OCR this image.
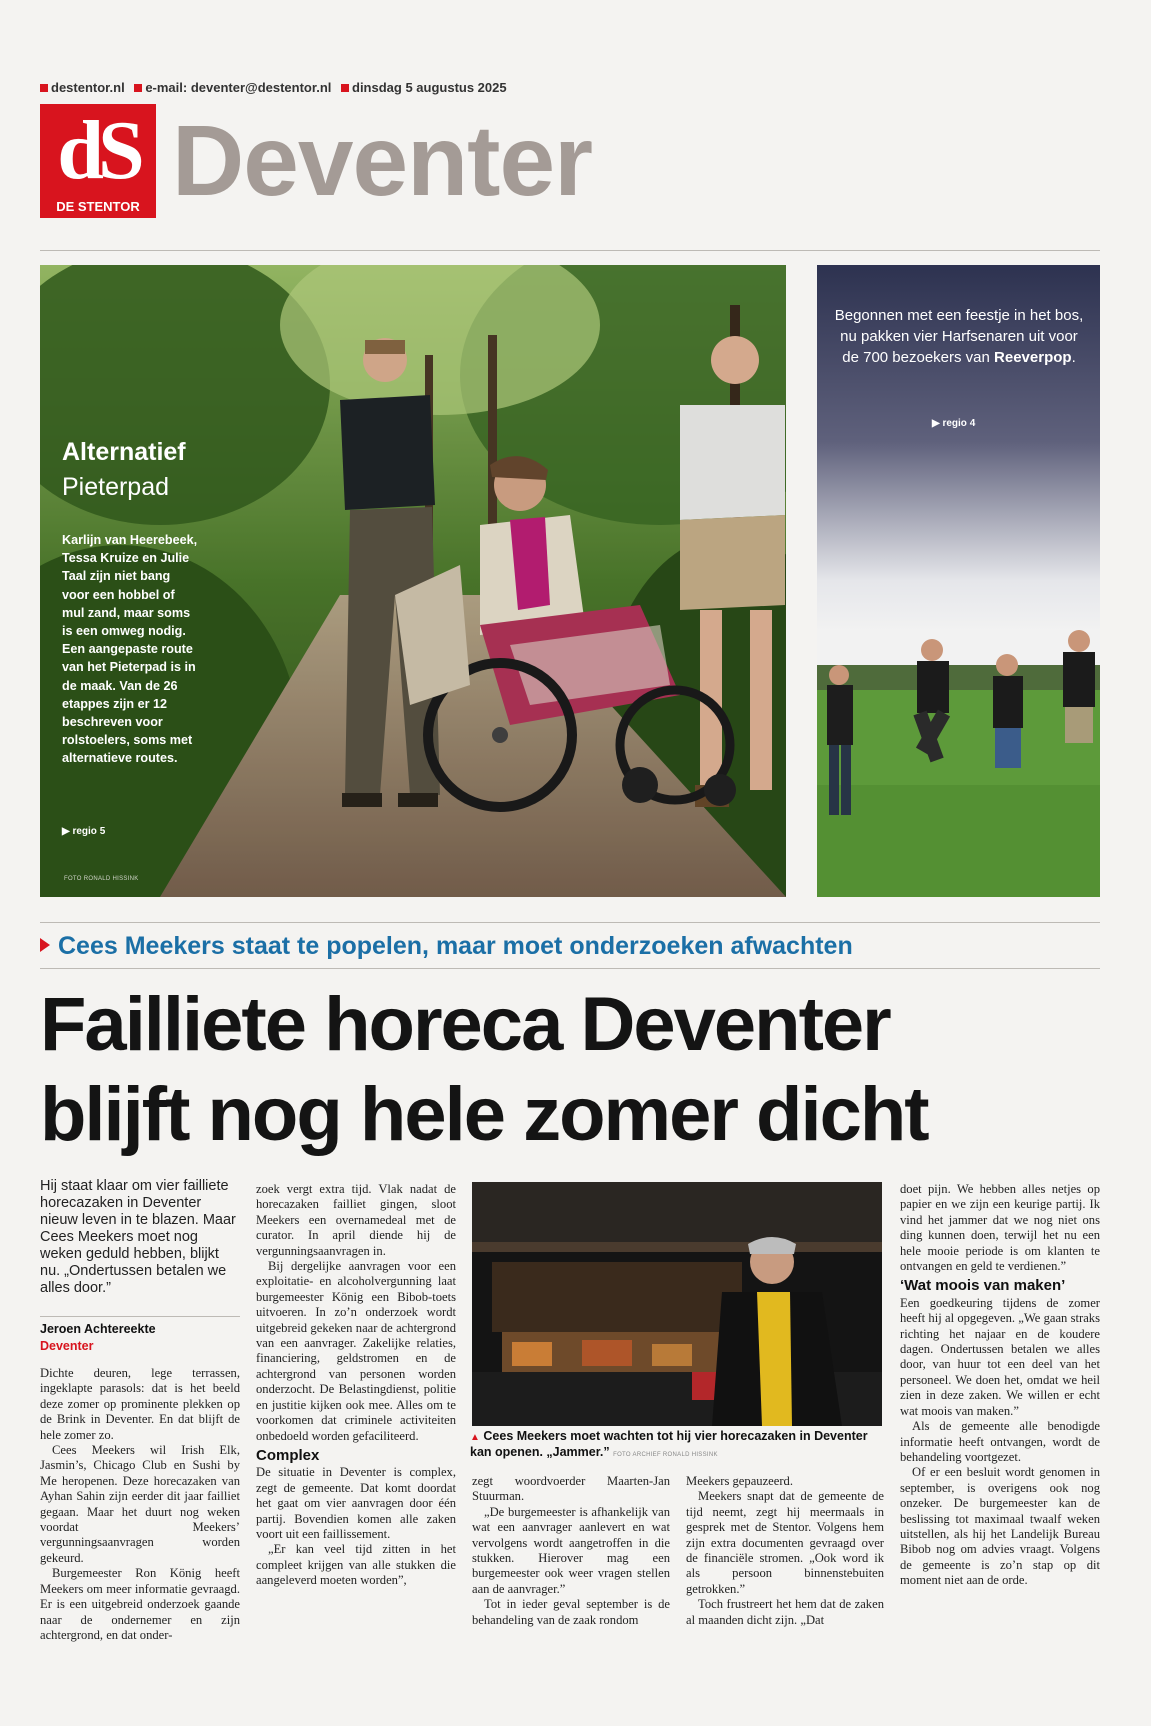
destentor.nl e-mail: deventer@destentor.nl dinsdag 5 augustus 2025
dS
DE STENTOR Deventer
Alternatief
Pieterpad
Karlijn van Heerebeek, Tessa Kruize en Julie Taal zijn niet bang voor een hobbel of mul zand, maar soms is een omweg nodig. Een aangepaste route van het Pieterpad is in de maak. Van de 26 etappes zijn er 12 beschreven voor rolstoelers, soms met alternatieve routes.
▶ regio 5
FOTO RONALD HISSINK
Begonnen met een feestje in het bos, nu pakken vier Harfsenaren uit voor de 700 bezoekers van Reeverpop.
▶ regio 4
Cees Meekers staat te popelen, maar moet onderzoeken afwachten
Failliete horeca Deventer
blijft nog hele zomer dicht
Hij staat klaar om vier failliete horecazaken in Deventer nieuw leven in te blazen. Maar Cees Meekers moet nog weken geduld hebben, blijkt nu. „Ondertussen betalen we alles door.”
Jeroen Achtereekte
Deventer

Dichte deuren, lege terrassen, ingeklapte parasols: dat is het beeld deze zomer op prominente plekken op de Brink in Deventer. En dat blijft de hele zomer zo.

Cees Meekers wil Irish Elk, Jasmin’s, Chicago Club en Sushi by Me heropenen. Deze horecazaken van Ayhan Sahin zijn eerder dit jaar failliet gegaan. Maar het duurt nog weken voordat Meekers’ vergunningsaanvragen worden gekeurd.

Burgemeester Ron König heeft Meekers om meer informatie gevraagd. Er is een uitgebreid onderzoek gaande naar de ondernemer en zijn achtergrond, en dat onder-

zoek vergt extra tijd. Vlak nadat de horecazaken failliet gingen, sloot Meekers een overnamedeal met de curator. In april diende hij de vergunningsaanvragen in.

Bij dergelijke aanvragen voor een exploitatie- en alcoholvergunning laat burgemeester König een Bibob-toets uitvoeren. In zo’n onderzoek wordt uitgebreid gekeken naar de achtergrond van een aanvrager. Zakelijke relaties, financiering, geldstromen en de achtergrond van personen worden onderzocht. De Belastingdienst, politie en justitie kijken ook mee. Alles om te voorkomen dat criminele activiteiten onbedoeld worden gefaciliteerd.

Complex

De situatie in Deventer is complex, zegt de gemeente. Dat komt doordat het gaat om vier aanvragen door één partij. Bovendien komen alle zaken voort uit een faillissement.

„Er kan veel tijd zitten in het compleet krijgen van alle stukken die aangeleverd moeten worden”,

▲ Cees Meekers moet wachten tot hij vier horecazaken in Deventer kan openen. „Jammer.” FOTO ARCHIEF RONALD HISSINK

zegt woordvoerder Maarten-Jan Stuurman.

„De burgemeester is afhankelijk van wat een aanvrager aanlevert en wat vervolgens wordt aangetroffen in die stukken. Hierover mag een burgemeester ook weer vragen stellen aan de aanvrager.”

Tot in ieder geval september is de behandeling van de zaak rondom

Meekers gepauzeerd.

Meekers snapt dat de gemeente de tijd neemt, zegt hij meermaals in gesprek met de Stentor. Volgens hem zijn extra documenten gevraagd over de financiële stromen. „Ook word ik als persoon binnenstebuiten getrokken.”

Toch frustreert het hem dat de zaken al maanden dicht zijn. „Dat

doet pijn. We hebben alles netjes op papier en we zijn een keurige partij. Ik vind het jammer dat we nog niet ons ding kunnen doen, terwijl het nu een hele mooie periode is om klanten te ontvangen en geld te verdienen.”

‘Wat moois van maken’

Een goedkeuring tijdens de zomer heeft hij al opgegeven. „We gaan straks richting het najaar en de koudere dagen. Ondertussen betalen we alles door, van huur tot een deel van het personeel. We doen het, omdat we heil zien in deze zaken. We willen er echt wat moois van maken.”

Als de gemeente alle benodigde informatie heeft ontvangen, wordt de behandeling voortgezet.

Of er een besluit wordt genomen in september, is overigens ook nog onzeker. De burgemeester kan de beslissing tot maximaal twaalf weken uitstellen, als hij het Landelijk Bureau Bibob nog om advies vraagt. Volgens de gemeente is zo’n stap op dit moment niet aan de orde.
